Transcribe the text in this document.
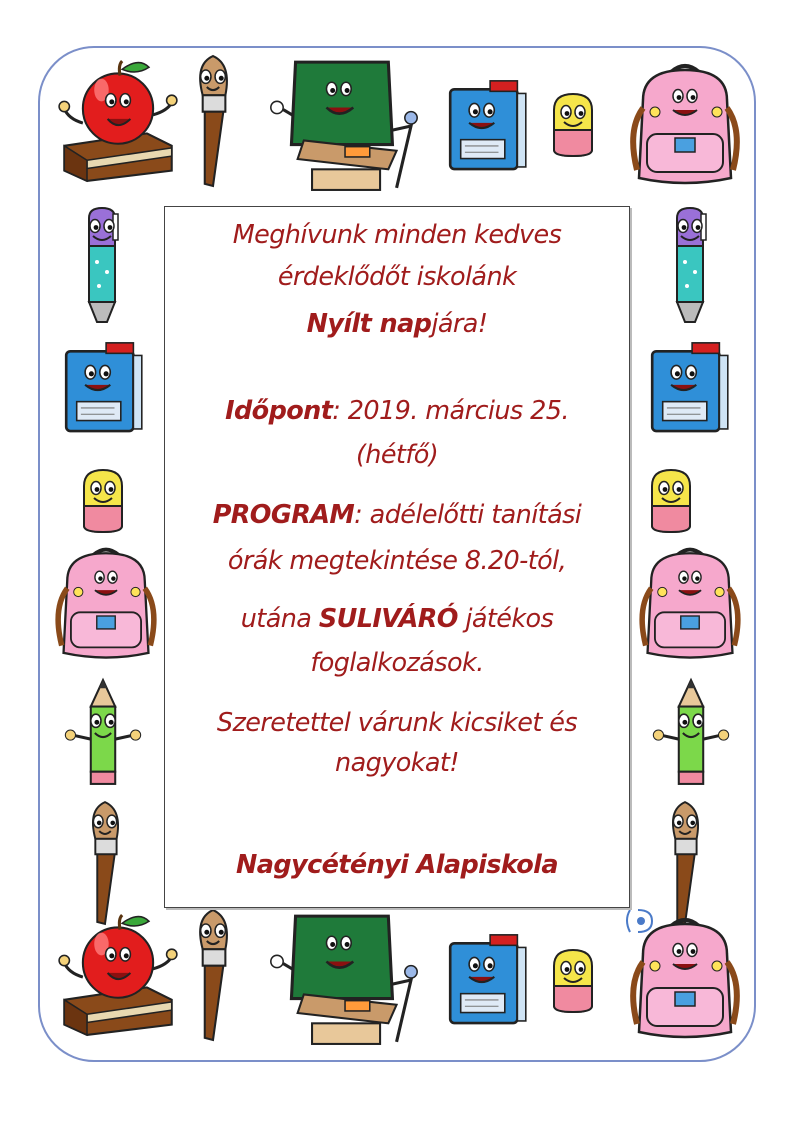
Meghívunk minden kedves
érdeklődőt iskolánk
Nyílt napjára!
Időpont: 2019. március 25.
(hétfő)
PROGRAM: adélelőtti tanítási
órák megtekintése 8.20-tól,
utána SULIVÁRÓ játékos
foglalkozások.
Szeretettel várunk kicsiket és
nagyokat!
Nagycétényi Alapiskola
